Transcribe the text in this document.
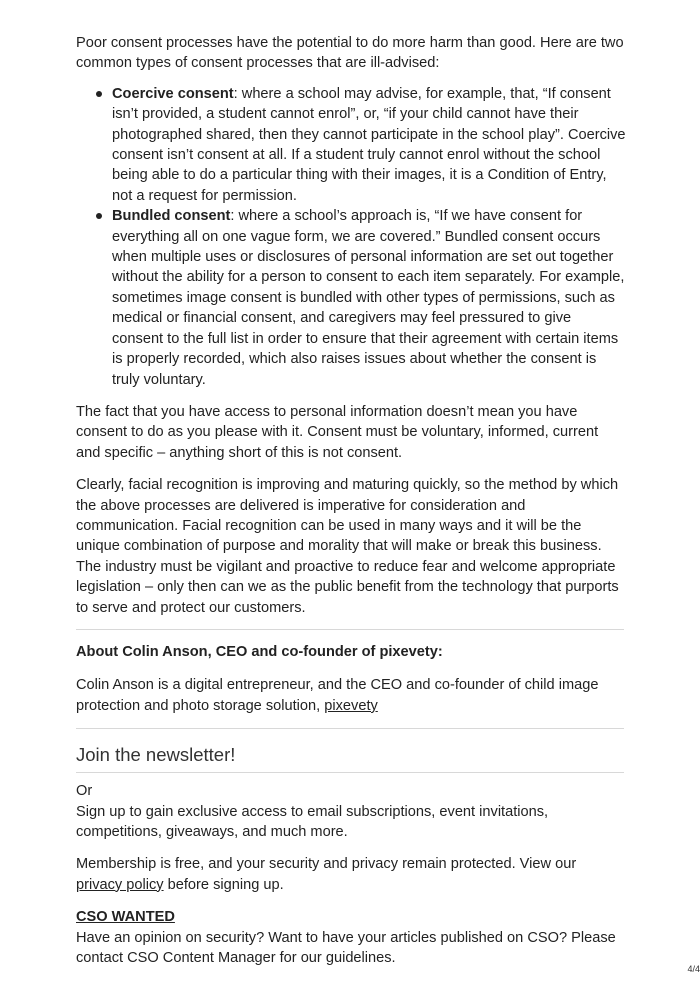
Poor consent processes have the potential to do more harm than good. Here are two common types of consent processes that are ill-advised:

Coercive consent: where a school may advise, for example, that, “If consent isn’t provided, a student cannot enrol”, or, “if your child cannot have their photographed shared, then they cannot participate in the school play”. Coercive consent isn’t consent at all. If a student truly cannot enrol without the school being able to do a particular thing with their images, it is a Condition of Entry, not a request for permission.
Bundled consent: where a school’s approach is, “If we have consent for everything all on one vague form, we are covered.” Bundled consent occurs when multiple uses or disclosures of personal information are set out together without the ability for a person to consent to each item separately. For example, sometimes image consent is bundled with other types of permissions, such as medical or financial consent, and caregivers may feel pressured to give consent to the full list in order to ensure that their agreement with certain items is properly recorded, which also raises issues about whether the consent is truly voluntary.

The fact that you have access to personal information doesn’t mean you have consent to do as you please with it. Consent must be voluntary, informed, current and specific – anything short of this is not consent.

Clearly, facial recognition is improving and maturing quickly, so the method by which the above processes are delivered is imperative for consideration and communication. Facial recognition can be used in many ways and it will be the unique combination of purpose and morality that will make or break this business. The industry must be vigilant and proactive to reduce fear and welcome appropriate legislation – only then can we as the public benefit from the technology that purports to serve and protect our customers.

About Colin Anson, CEO and co-founder of pixevety:

Colin Anson is a digital entrepreneur, and the CEO and co-founder of child image protection and photo storage solution, pixevety

Join the newsletter!

Or

Sign up to gain exclusive access to email subscriptions, event invitations, competitions, giveaways, and much more.

Membership is free, and your security and privacy remain protected. View our privacy policy before signing up.

CSO WANTED

Have an opinion on security? Want to have your articles published on CSO? Please contact CSO Content Manager for our guidelines.

4/4
